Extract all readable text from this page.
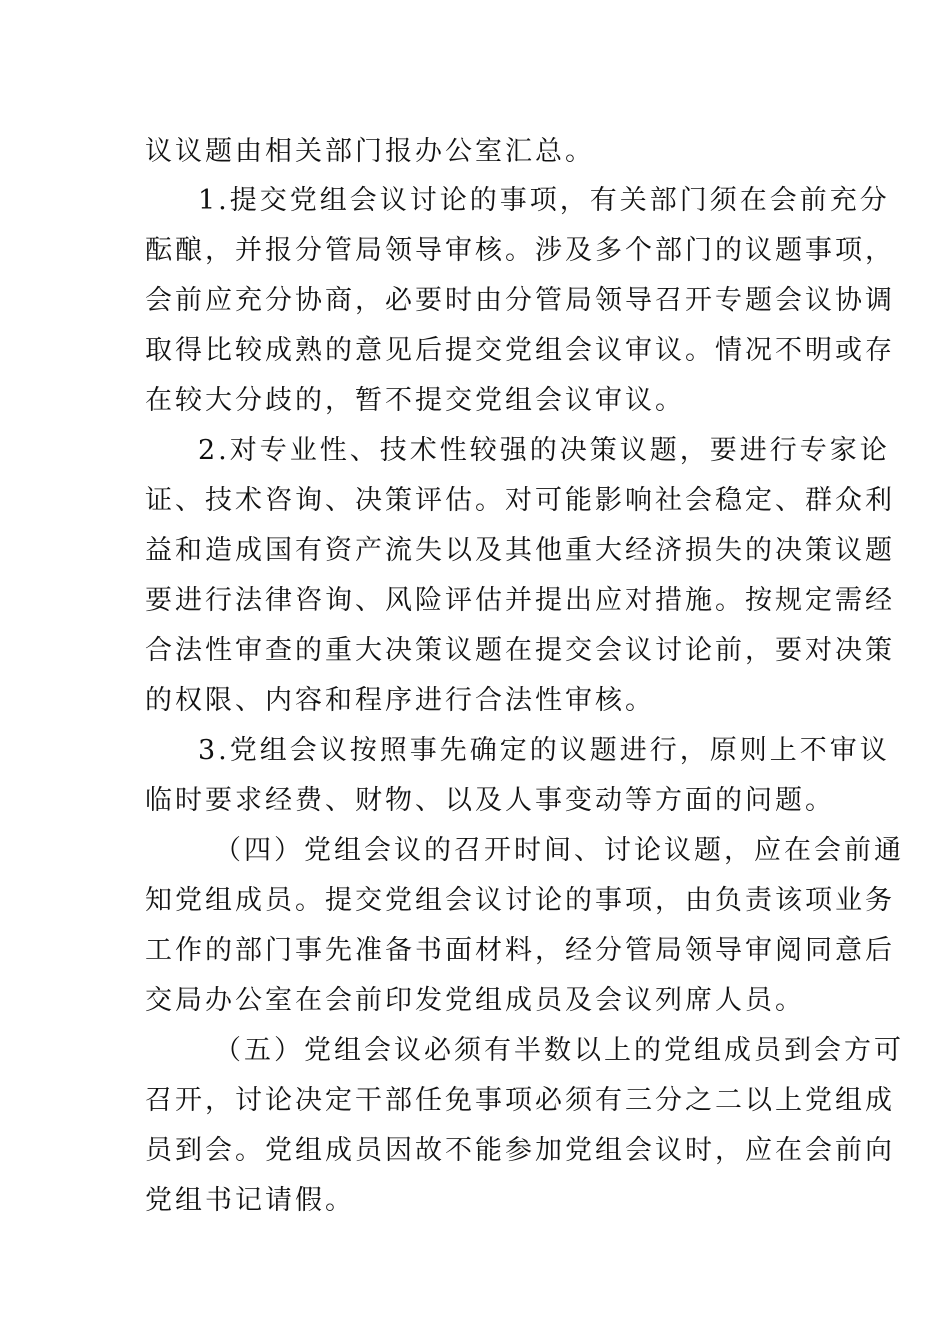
议议题由相关部门报办公室汇总。
1.提交党组会议讨论的事项，有关部门须在会前充分
酝酿，并报分管局领导审核。涉及多个部门的议题事项，
会前应充分协商，必要时由分管局领导召开专题会议协调
取得比较成熟的意见后提交党组会议审议。情况不明或存
在较大分歧的，暂不提交党组会议审议。
2.对专业性、技术性较强的决策议题，要进行专家论
证、技术咨询、决策评估。对可能影响社会稳定、群众利
益和造成国有资产流失以及其他重大经济损失的决策议题
要进行法律咨询、风险评估并提出应对措施。按规定需经
合法性审查的重大决策议题在提交会议讨论前，要对决策
的权限、内容和程序进行合法性审核。
3.党组会议按照事先确定的议题进行，原则上不审议
临时要求经费、财物、以及人事变动等方面的问题。
（四）党组会议的召开时间、讨论议题，应在会前通
知党组成员。提交党组会议讨论的事项，由负责该项业务
工作的部门事先准备书面材料，经分管局领导审阅同意后
交局办公室在会前印发党组成员及会议列席人员。
（五）党组会议必须有半数以上的党组成员到会方可
召开，讨论决定干部任免事项必须有三分之二以上党组成
员到会。党组成员因故不能参加党组会议时，应在会前向
党组书记请假。
